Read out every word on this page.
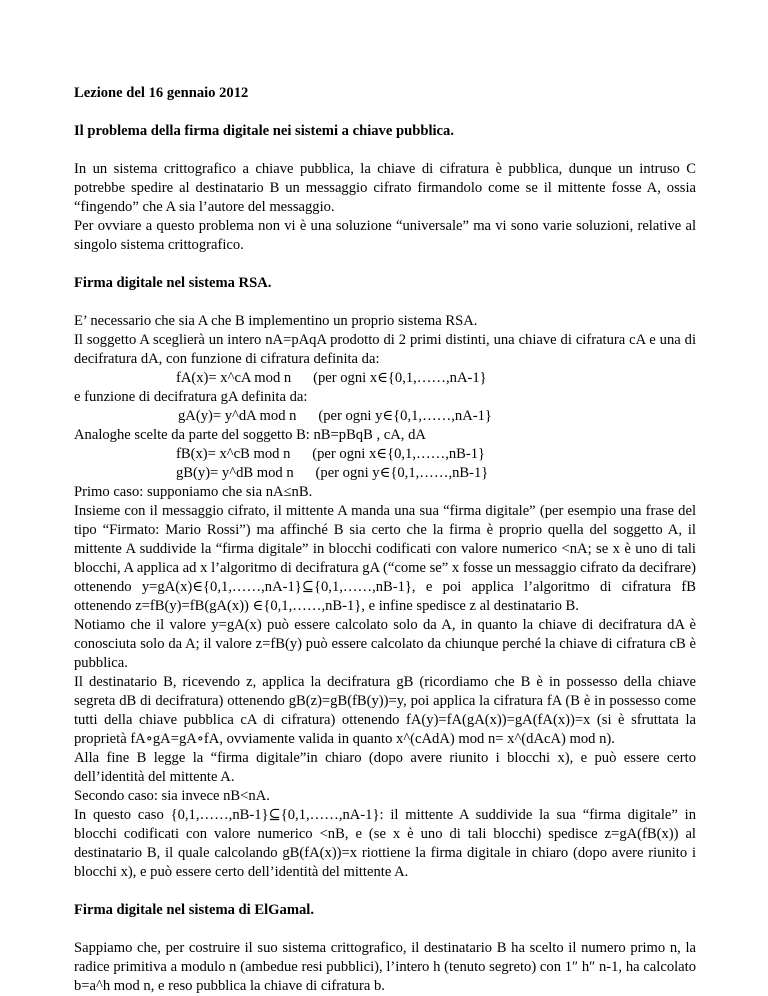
Lezione del 16 gennaio 2012

Il problema della firma digitale nei sistemi a chiave pubblica.

In un sistema crittografico a chiave pubblica, la chiave di cifratura è pubblica, dunque un intruso C potrebbe spedire al destinatario B un messaggio cifrato firmandolo come se il mittente fosse A, ossia “fingendo” che A sia l’autore del messaggio.

Per ovviare a questo problema non vi è una soluzione “universale” ma vi sono varie soluzioni, relative al singolo sistema crittografico.

Firma digitale nel sistema RSA.

E’ necessario che sia A che B implementino un proprio sistema RSA.

Il soggetto A sceglierà un intero nA=pAqA prodotto di 2 primi distinti, una chiave di cifratura cA e una di decifratura dA, con funzione di cifratura definita da:

fA(x)= x^cA mod n      (per ogni x∈{0,1,……,nA-1}

e funzione di decifratura gA definita da:

gA(y)= y^dA mod n      (per ogni y∈{0,1,……,nA-1}

Analoghe scelte da parte del soggetto B: nB=pBqB , cA, dA

fB(x)= x^cB mod n      (per ogni x∈{0,1,……,nB-1}

gB(y)= y^dB mod n      (per ogni y∈{0,1,……,nB-1}

Primo caso: supponiamo che sia nA≤nB.

Insieme con il messaggio cifrato, il mittente A manda una sua “firma digitale” (per esempio una frase del tipo “Firmato: Mario Rossi”) ma affinché B sia certo che la firma è proprio quella del soggetto A, il mittente A suddivide la “firma digitale” in blocchi codificati con valore numerico <nA; se x è uno di tali blocchi, A applica ad x l’algoritmo di decifratura gA (“come se” x fosse un messaggio cifrato da decifrare) ottenendo y=gA(x)∈{0,1,……,nA-1}⊆{0,1,……,nB-1}, e poi applica l’algoritmo di cifratura fB ottenendo z=fB(y)=fB(gA(x)) ∈{0,1,……,nB-1}, e infine spedisce z al destinatario B.

Notiamo che il valore y=gA(x) può essere calcolato solo da A, in quanto la chiave di decifratura dA è conosciuta solo da A; il valore z=fB(y) può essere calcolato da chiunque perché la chiave di cifratura cB è pubblica.

Il destinatario B, ricevendo z, applica la decifratura gB (ricordiamo che B è in possesso della chiave segreta dB di decifratura) ottenendo gB(z)=gB(fB(y))=y, poi applica la cifratura fA (B è in possesso come tutti della chiave pubblica cA di cifratura) ottenendo fA(y)=fA(gA(x))=gA(fA(x))=x (si è sfruttata la proprietà fA∘gA=gA∘fA, ovviamente valida in quanto x^(cAdA) mod n= x^(dAcA) mod n).

Alla fine B legge la “firma digitale”in chiaro (dopo avere riunito i blocchi x), e può essere certo dell’identità del mittente A.

Secondo caso: sia invece nB<nA.

In questo caso {0,1,……,nB-1}⊆{0,1,……,nA-1}: il mittente A suddivide la sua “firma digitale” in blocchi codificati con valore numerico <nB, e (se x è uno di tali blocchi) spedisce z=gA(fB(x)) al destinatario B, il quale calcolando gB(fA(x))=x riottiene la firma digitale in chiaro (dopo avere riunito i blocchi x), e può essere certo dell’identità del mittente A.

Firma digitale nel sistema di ElGamal.

Sappiamo che, per costruire il suo sistema crittografico, il destinatario B ha scelto il numero primo n, la radice primitiva a modulo n (ambedue resi pubblici), l’intero h (tenuto segreto) con 1″ h″ n-1, ha calcolato b=a^h mod n, e reso pubblica la chiave di cifratura b.
